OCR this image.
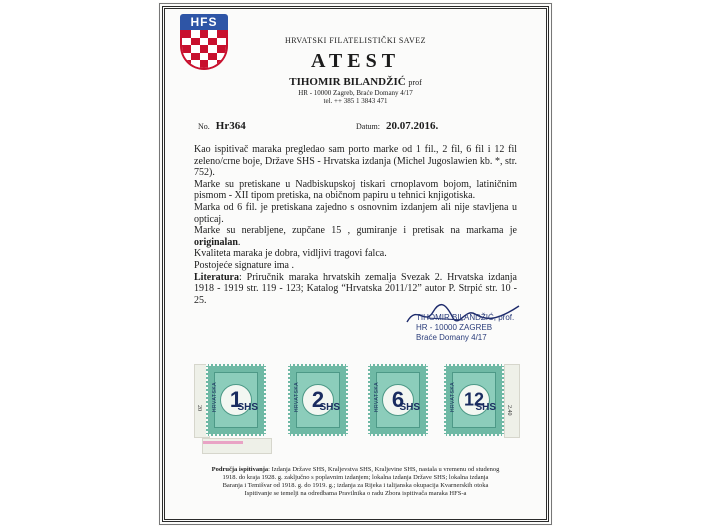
HFS
HRVATSKI FILATELISTIČKI SAVEZ
ATEST
TIHOMIR BILANDŽIĆ prof
HR - 10000 Zagreb, Braće Domany 4/17
tel. ++ 385 1 3843 471
No. Hr364	Datum: 20.07.2016.

Kao ispitivač maraka pregledao sam porto marke od 1 fil., 2 fil, 6 fil i 12 fil zeleno/crne boje, Države SHS - Hrvatska izdanja (Michel Jugoslawien kb. *, str. 752).

Marke su pretiskane u Nadbiskupskoj tiskari crnoplavom bojom, latiničnim pismom - XII tipom pretiska, na običnom papiru u tehnici knjigotiska.

Marka od 6 fil. je pretiskana zajedno s osnovnim izdanjem ali nije stavljena u opticaj.

Marke su nerabljene, zupčane 15 , gumiranje i pretisak na markama je originalan.

Kvaliteta maraka je dobra, vidljivi tragovi falca.

Postojeće signature ima .

Literatura: Priručnik maraka hrvatskih zemalja Svezak 2. Hrvatska izdanja 1918 - 1919 str. 119 - 123; Katalog “Hrvatska 2011/12” autor P. Strpić str. 10 - 25.

TIHOMIR BILANDŽIĆ, prof.
HR - 10000 ZAGREB
Braće Domany 4/17
20	1
SHS
HRVATSKA	2
SHS
HRVATSKA	6
SHS
HRVATSKA	12
SHS
HRVATSKA	2.40
Područja ispitivanja: Izdanja Države SHS, Kraljevstva SHS, Kraljevine SHS, nastala u vremenu od studenog
1918. do kraja 1928. g. zaključno s poplavnim izdanjem; lokalna izdanja Države SHS; lokalna izdanja
Baranja i Temišvar od 1918. g. do 1919. g.; izdanja za Rijeka i talijanska okupacija Kvarnerskih otoka
Ispitivanje se temelji na odredbama Pravilnika o radu Zbora ispitivača maraka HFS-a
